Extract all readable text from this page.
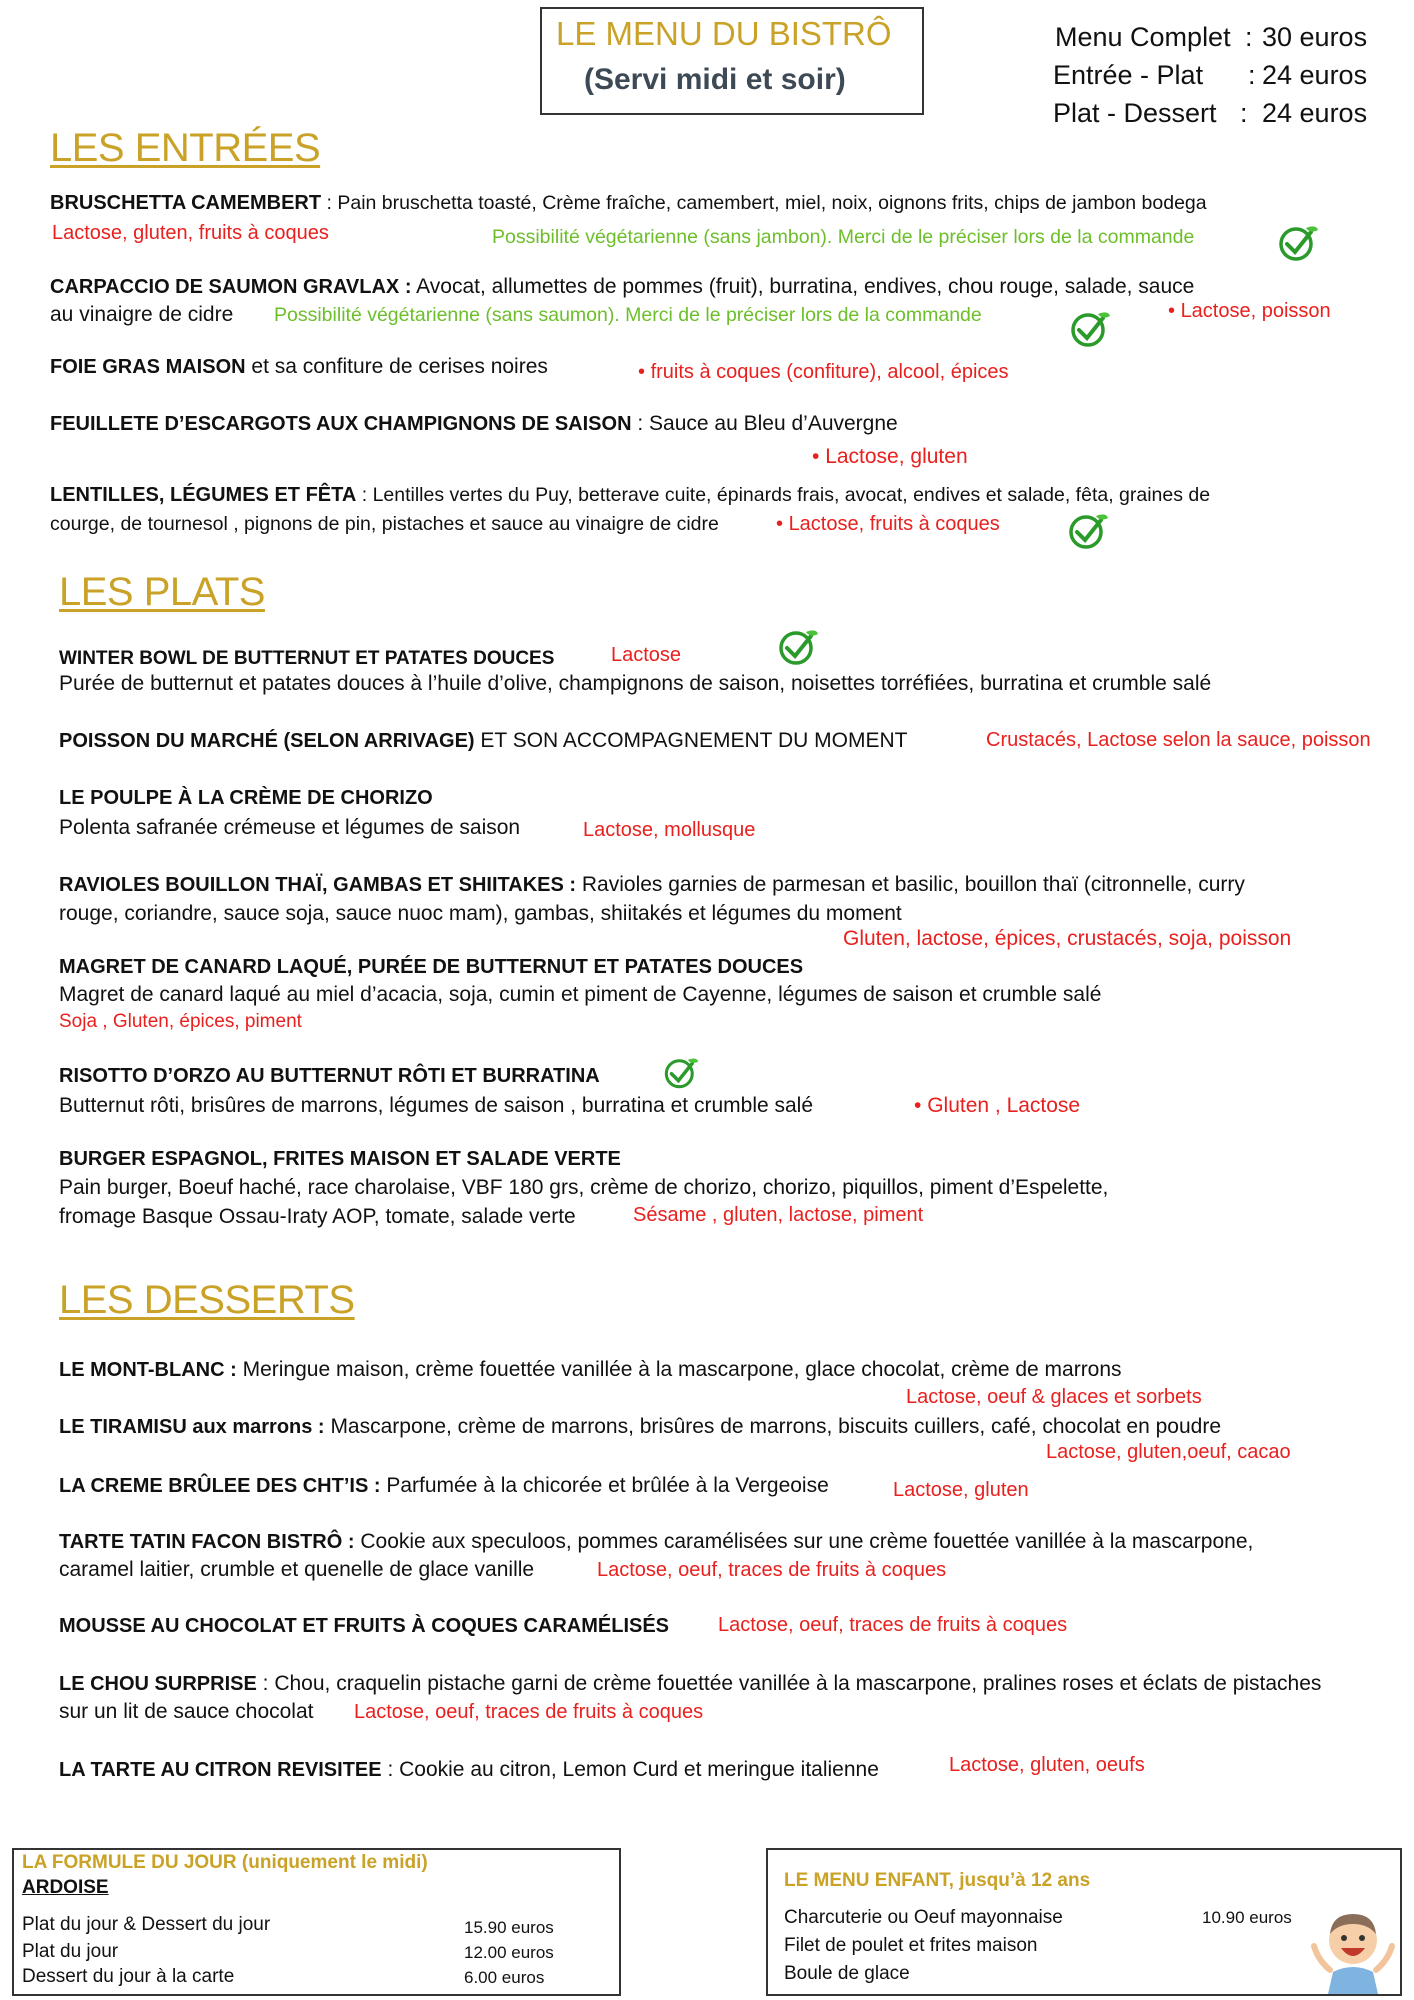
LE MENU DU BISTRÔ
(Servi midi et soir)
Menu Complet : 30 euros
Entrée - Plat : 24 euros
Plat - Dessert : 24 euros
LES ENTRÉES
BRUSCHETTA CAMEMBERT : Pain bruschetta toasté, Crème fraîche, camembert, miel, noix, oignons frits, chips de jambon bodega
Lactose, gluten, fruits à coques	Possibilité végétarienne (sans jambon). Merci de le préciser lors de la commande
CARPACCIO DE SAUMON GRAVLAX : Avocat, allumettes de pommes (fruit), burratina, endives, chou rouge, salade, sauce
au vinaigre de cidre Possibilité végétarienne (sans saumon). Merci de le préciser lors de la commande	• Lactose, poisson
FOIE GRAS MAISON et sa confiture de cerises noires	• fruits à coques (confiture), alcool, épices
FEUILLETE D’ESCARGOTS AUX CHAMPIGNONS DE SAISON : Sauce au Bleu d’Auvergne
• Lactose, gluten
LENTILLES, LÉGUMES ET FÊTA : Lentilles vertes du Puy, betterave cuite, épinards frais, avocat, endives et salade, fêta, graines de
courge, de tournesol , pignons de pin, pistaches et sauce au vinaigre de cidre	• Lactose, fruits à coques
LES PLATS
WINTER BOWL DE BUTTERNUT ET PATATES DOUCES	Lactose
Purée de butternut et patates douces à l’huile d’olive, champignons de saison, noisettes torréfiées, burratina et crumble salé
POISSON DU MARCHÉ (SELON ARRIVAGE) ET SON ACCOMPAGNEMENT DU MOMENT	Crustacés, Lactose selon la sauce, poisson
LE POULPE À LA CRÈME DE CHORIZO
Polenta safranée crémeuse et légumes de saison	Lactose, mollusque
RAVIOLES BOUILLON THAÏ, GAMBAS ET SHIITAKES : Ravioles garnies de parmesan et basilic, bouillon thaï (citronnelle, curry
rouge, coriandre, sauce soja, sauce nuoc mam), gambas, shiitakés et légumes du moment
Gluten, lactose, épices, crustacés, soja, poisson
MAGRET DE CANARD LAQUÉ, PURÉE DE BUTTERNUT ET PATATES DOUCES
Magret de canard laqué au miel d’acacia, soja, cumin et piment de Cayenne, légumes de saison et crumble salé
Soja , Gluten, épices, piment
RISOTTO D’ORZO AU BUTTERNUT RÔTI ET BURRATINA
Butternut rôti, brisûres de marrons, légumes de saison , burratina et crumble salé	• Gluten , Lactose
BURGER ESPAGNOL, FRITES MAISON ET SALADE VERTE
Pain burger, Boeuf haché, race charolaise, VBF 180 grs, crème de chorizo, chorizo, piquillos, piment d’Espelette,
fromage Basque Ossau-Iraty AOP, tomate, salade verte	Sésame , gluten, lactose, piment
LES DESSERTS
LE MONT-BLANC : Meringue maison, crème fouettée vanillée à la mascarpone, glace chocolat, crème de marrons
Lactose, oeuf & glaces et sorbets
LE TIRAMISU aux marrons : Mascarpone, crème de marrons, brisûres de marrons, biscuits cuillers, café, chocolat en poudre
Lactose, gluten,oeuf, cacao
LA CREME BRÛLEE DES CHT’IS : Parfumée à la chicorée et brûlée à la Vergeoise	Lactose, gluten
TARTE TATIN FACON BISTRÔ : Cookie aux speculoos, pommes caramélisées sur une crème fouettée vanillée à la mascarpone,
caramel laitier, crumble et quenelle de glace vanille	Lactose, oeuf, traces de fruits à coques
MOUSSE AU CHOCOLAT ET FRUITS À COQUES CARAMÉLISÉS Lactose, oeuf, traces de fruits à coques
LE CHOU SURPRISE : Chou, craquelin pistache garni de crème fouettée vanillée à la mascarpone, pralines roses et éclats de pistaches
sur un lit de sauce chocolat Lactose, oeuf, traces de fruits à coques
LA TARTE AU CITRON REVISITEE : Cookie au citron, Lemon Curd et meringue italienne	Lactose, gluten, oeufs
LA FORMULE DU JOUR (uniquement le midi)
ARDOISE
Plat du jour & Dessert du jour	15.90 euros
Plat du jour	12.00 euros
Dessert du jour à la carte	6.00 euros
LE MENU ENFANT, jusqu’à 12 ans
Charcuterie ou Oeuf mayonnaise
Filet de poulet et frites maison
Boule de glace
10.90 euros
